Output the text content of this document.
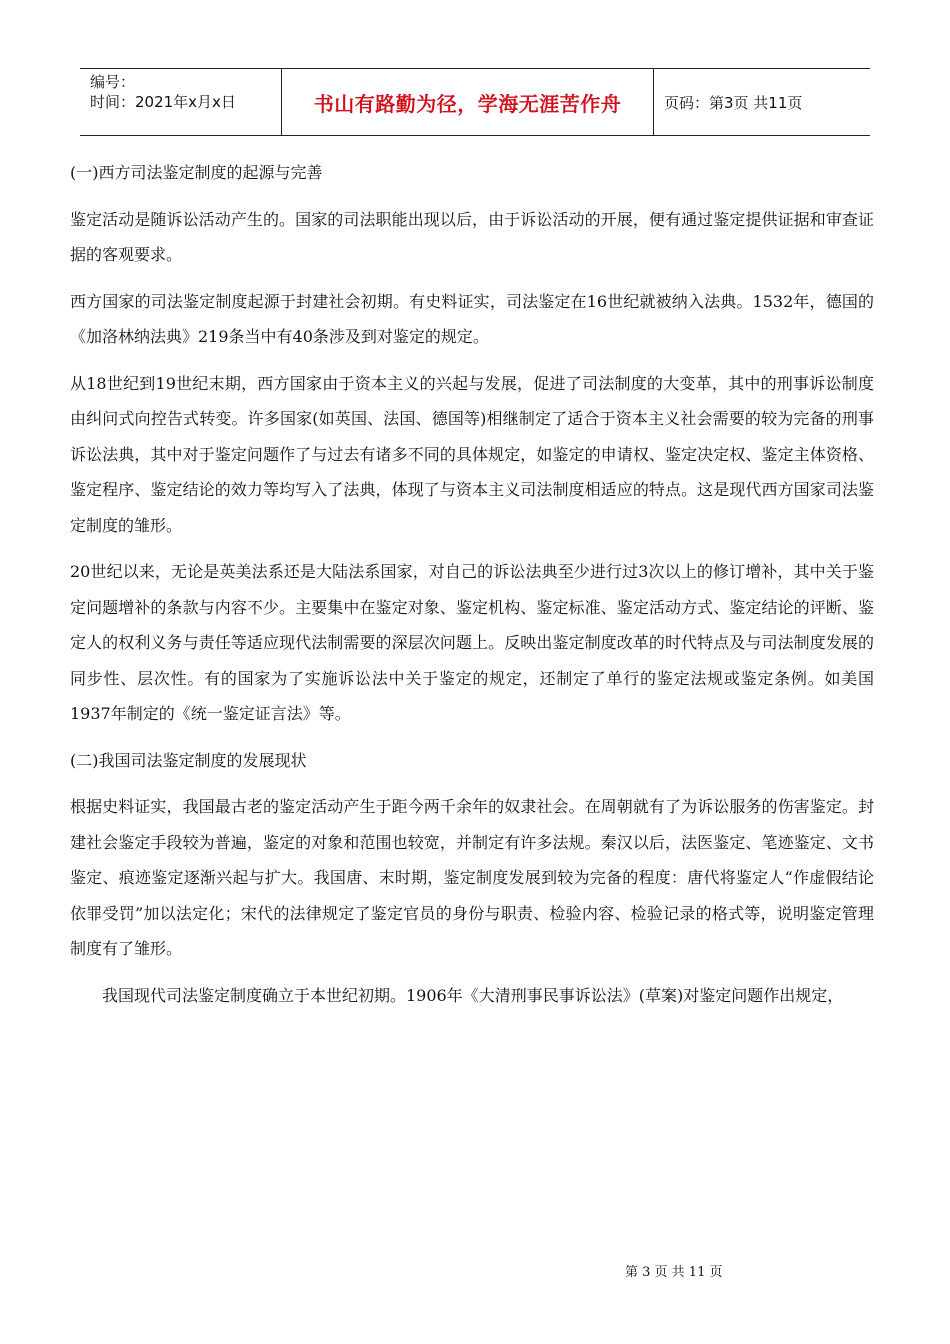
编号：
时间：2021年x月x日	书山有路勤为径，学海无涯苦作舟	页码：第3页 共11页

(一)西方司法鉴定制度的起源与完善

鉴定活动是随诉讼活动产生的。国家的司法职能出现以后，由于诉讼活动的开展，便有通过鉴定提供证据和审查证据的客观要求。

西方国家的司法鉴定制度起源于封建社会初期。有史料证实，司法鉴定在16世纪就被纳入法典。1532年，德国的《加洛林纳法典》219条当中有40条涉及到对鉴定的规定。

从18世纪到19世纪末期，西方国家由于资本主义的兴起与发展，促进了司法制度的大变革，其中的刑事诉讼制度由纠问式向控告式转变。许多国家(如英国、法国、德国等)相继制定了适合于资本主义社会需要的较为完备的刑事诉讼法典，其中对于鉴定问题作了与过去有诸多不同的具体规定，如鉴定的申请权、鉴定决定权、鉴定主体资格、鉴定程序、鉴定结论的效力等均写入了法典，体现了与资本主义司法制度相适应的特点。这是现代西方国家司法鉴定制度的雏形。

20世纪以来，无论是英美法系还是大陆法系国家，对自己的诉讼法典至少进行过3次以上的修订增补，其中关于鉴定问题增补的条款与内容不少。主要集中在鉴定对象、鉴定机构、鉴定标准、鉴定活动方式、鉴定结论的评断、鉴定人的权利义务与责任等适应现代法制需要的深层次问题上。反映出鉴定制度改革的时代特点及与司法制度发展的同步性、层次性。有的国家为了实施诉讼法中关于鉴定的规定，还制定了单行的鉴定法规或鉴定条例。如美国1937年制定的《统一鉴定证言法》等。

(二)我国司法鉴定制度的发展现状

根据史料证实，我国最古老的鉴定活动产生于距今两千余年的奴隶社会。在周朝就有了为诉讼服务的伤害鉴定。封建社会鉴定手段较为普遍，鉴定的对象和范围也较宽，并制定有许多法规。秦汉以后，法医鉴定、笔迹鉴定、文书鉴定、痕迹鉴定逐渐兴起与扩大。我国唐、末时期，鉴定制度发展到较为完备的程度：唐代将鉴定人“作虚假结论依罪受罚”加以法定化；宋代的法律规定了鉴定官员的身份与职责、检验内容、检验记录的格式等，说明鉴定管理制度有了雏形。

我国现代司法鉴定制度确立于本世纪初期。1906年《大清刑事民事诉讼法》(草案)对鉴定问题作出规定，

第 3 页 共 11 页
